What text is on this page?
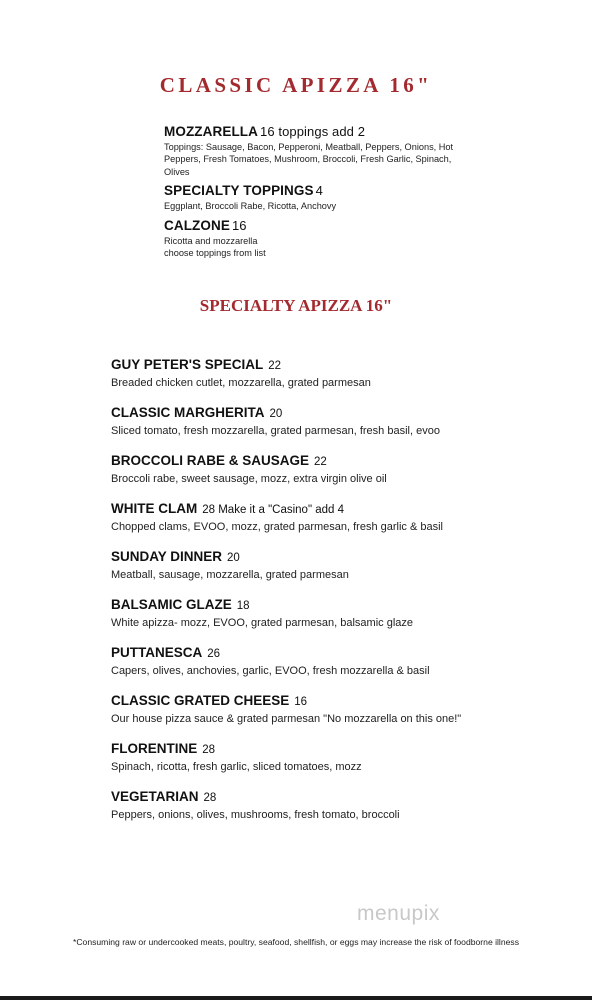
CLASSIC APIZZA 16"
MOZZARELLA 16 toppings add 2
Toppings: Sausage, Bacon, Pepperoni, Meatball, Peppers, Onions, Hot Peppers, Fresh Tomatoes, Mushroom, Broccoli, Fresh Garlic, Spinach, Olives
SPECIALTY TOPPINGS 4
Eggplant, Broccoli Rabe, Ricotta, Anchovy
CALZONE 16
Ricotta and mozzarella
choose toppings from list
SPECIALTY APIZZA 16"
GUY PETER'S SPECIAL 22
Breaded chicken cutlet, mozzarella, grated parmesan
CLASSIC MARGHERITA 20
Sliced tomato, fresh mozzarella, grated parmesan, fresh basil, evoo
BROCCOLI RABE & SAUSAGE 22
Broccoli rabe, sweet sausage, mozz, extra virgin olive oil
WHITE CLAM 28 Make it a "Casino" add 4
Chopped clams, EVOO, mozz, grated parmesan, fresh garlic & basil
SUNDAY DINNER 20
Meatball, sausage, mozzarella, grated parmesan
BALSAMIC GLAZE 18
White apizza- mozz, EVOO, grated parmesan, balsamic glaze
PUTTANESCA 26
Capers, olives, anchovies, garlic, EVOO, fresh mozzarella & basil
CLASSIC GRATED CHEESE 16
Our house pizza sauce & grated parmesan "No mozzarella on this one!"
FLORENTINE 28
Spinach, ricotta, fresh garlic, sliced tomatoes, mozz
VEGETARIAN 28
Peppers, onions, olives, mushrooms, fresh tomato, broccoli
menupix
*Consuming raw or undercooked meats, poultry, seafood, shellfish, or eggs may increase the risk of foodborne illness
